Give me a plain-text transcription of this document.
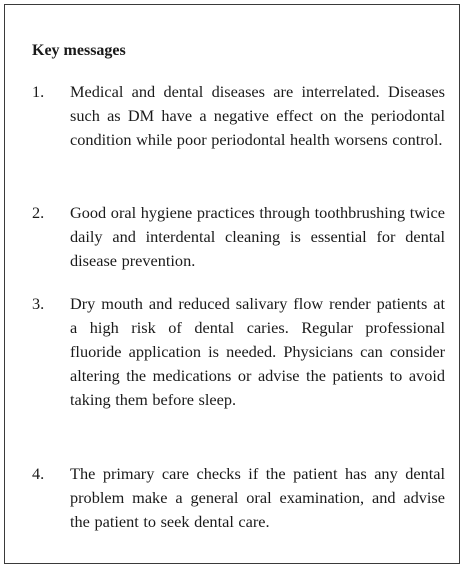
Key messages

1. Medical and dental diseases are interrelated. Diseases such as DM have a negative effect on the periodontal condition while poor periodontal health worsens control.
2. Good oral hygiene practices through toothbrushing twice daily and interdental cleaning is essential for dental disease prevention.
3. Dry mouth and reduced salivary flow render patients at a high risk of dental caries. Regular professional fluoride application is needed. Physicians can consider altering the medications or advise the patients to avoid taking them before sleep.
4. The primary care checks if the patient has any dental problem make a general oral examination, and advise the patient to seek dental care.
